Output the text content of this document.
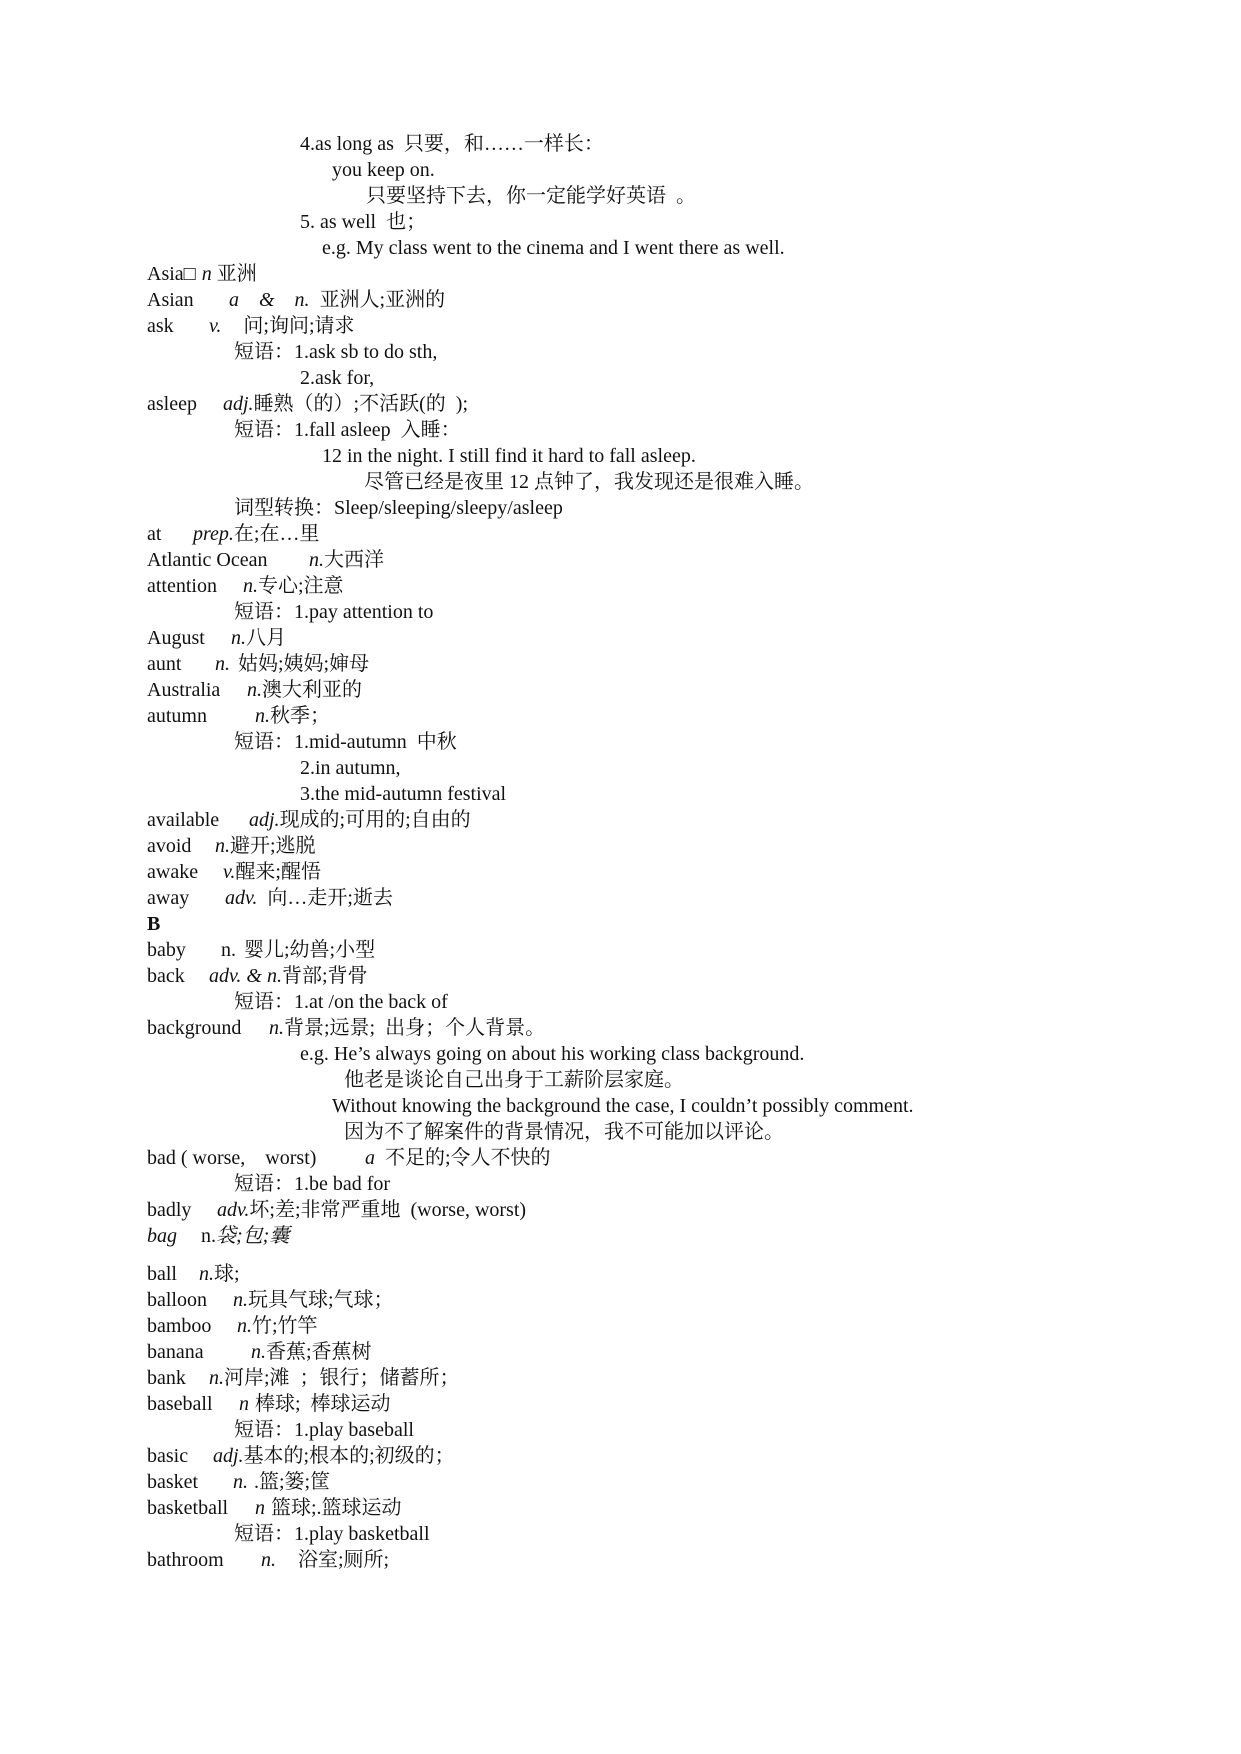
4.as long as  只要，和……一样长：
you keep on.
只要坚持下去，你一定能学好英语  。
5. as well  也；
e.g. My class went to the cinema and I went there as well.
Asia□ n 亚洲
Asian a    &    n. 亚洲人;亚洲的
ask v. 问;询问;请求
短语：1.ask sb to do sth,
2.ask for,
asleep adj.睡熟（的）;不活跃(的  );
短语：1.fall asleep  入睡：
12 in the night. I still find it hard to fall asleep.
尽管已经是夜里 12 点钟了，我发现还是很难入睡。
词型转换：Sleep/sleeping/sleepy/asleep
at prep.在;在…里
Atlantic Ocean n.大西洋
attention n.专心;注意
短语：1.pay attention to
August n.八月
aunt n. 姑妈;姨妈;婶母
Australia n.澳大利亚的
autumn n.秋季；
短语：1.mid-autumn  中秋
2.in autumn,
3.the mid-autumn festival
available adj.现成的;可用的;自由的
avoid n.避开;逃脱
awake v.醒来;醒悟
away adv. 向…走开;逝去
B
baby n. 婴儿;幼兽;小型
back adv. & n.背部;背骨
短语：1.at /on the back of
background n.背景;远景;  出身；个人背景。
e.g. He’s always going on about his working class background.
他老是谈论自己出身于工薪阶层家庭。
Without knowing the background the case, I couldn’t possibly comment.
因为不了解案件的背景情况，我不可能加以评论。
bad ( worse,    worst) a 不足的;令人不快的
短语：1.be bad for
badly adv.坏;差;非常严重地  (worse, worst)
bag n.袋;包;囊
ball n.球;
balloon n.玩具气球;气球；
bamboo n.竹;竹竿
banana n.香蕉;香蕉树
bank n.河岸;滩  ；银行；储蓄所；
baseball n 棒球;  棒球运动
短语：1.play baseball
basic adj.基本的;根本的;初级的；
basket n. .篮;篓;筐
basketball n 篮球;.篮球运动
短语：1.play basketball
bathroom n. 浴室;厕所;
